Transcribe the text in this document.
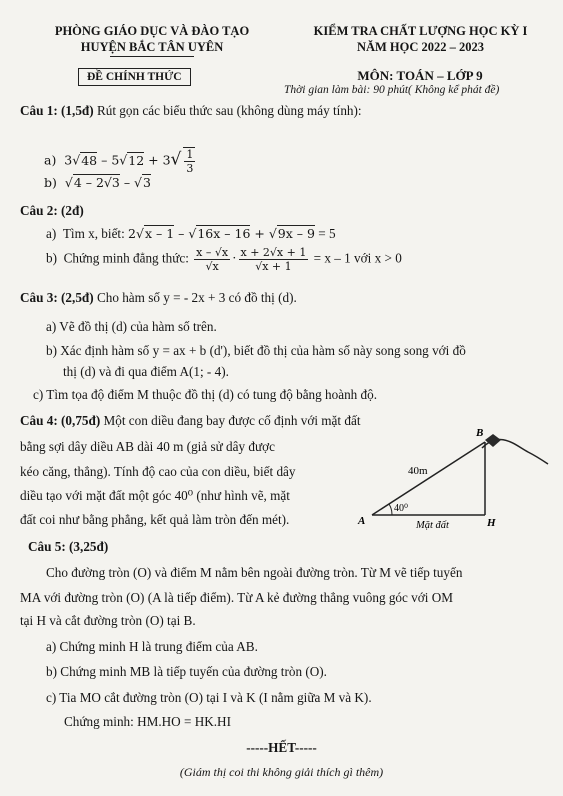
PHÒNG GIÁO DỤC VÀ ĐÀO TẠO
HUYỆN BẮC TÂN UYÊN
ĐỀ CHÍNH THỨC
KIỂM TRA CHẤT LƯỢNG HỌC KỲ I
NĂM HỌC 2022 – 2023
MÔN: TOÁN – LỚP 9
Thời gian làm bài: 90 phút( Không kể phát đề)
Câu 1: (1,5đ) Rút gọn các biểu thức sau (không dùng máy tính):
a)  $3√48 - 5√12 + 3√ \frac{1}{3}$
b)  √4 – 2√3 – √3
Câu 2: (2đ)
a) Tìm x, biết: 2√x – 1 – √16x – 16 + √9x – 9 = 5
b) Chứng minh đẳng thức: $\frac{x - √x}{√x} \cdot \frac{x + 2√x + 1}{√x + 1} = x - 1$ với x > 0
Câu 3: (2,5đ) Cho hàm số y = - 2x + 3 có đồ thị (d).
a) Vẽ đồ thị (d) của hàm số trên.
b) Xác định hàm số y = ax + b (d'), biết đồ thị của hàm số này song song với đồ
thị (d) và đi qua điểm A(1; - 4).
c) Tìm tọa độ điểm M thuộc đồ thị (d) có tung độ bằng hoành độ.
Câu 4: (0,75đ) Một con diều đang bay được cố định với mặt đất
bằng sợi dây diều AB dài 40 m (giả sử dây được
kéo căng, thẳng). Tính độ cao của con diều, biết dây
diều tạo với mặt đất một góc 40⁰ (như hình vẽ, mặt
đất coi như bằng phẳng, kết quả làm tròn đến mét).
B
A	H
40m
40⁰
Mặt đất
Câu 5: (3,25đ)
Cho đường tròn (O) và điểm M nằm bên ngoài đường tròn. Từ M vẽ tiếp tuyến
MA với đường tròn (O) (A là tiếp điểm). Từ A kẻ đường thẳng vuông góc với OM
tại H và cắt đường tròn (O) tại B.
a) Chứng minh H là trung điểm của AB.
b) Chứng minh MB là tiếp tuyến của đường tròn (O).
c) Tia MO cắt đường tròn (O) tại I và K (I nằm giữa M và K).
Chứng minh: HM.HO = HK.HI
-----HẾT-----
(Giám thị coi thi không giải thích gì thêm)
